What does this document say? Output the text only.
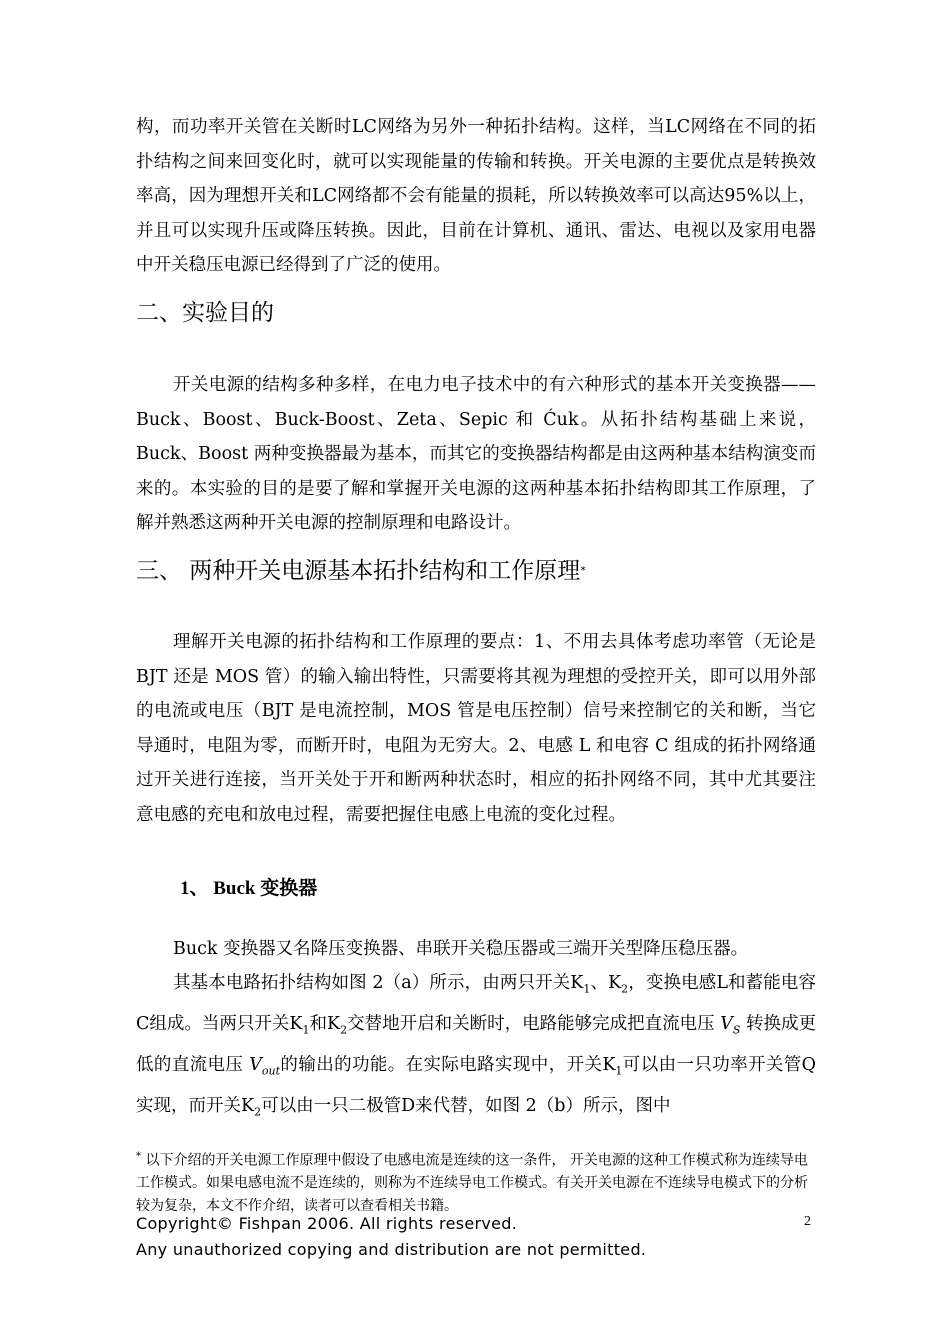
构，而功率开关管在关断时LC网络为另外一种拓扑结构。这样，当LC网络在不同的拓扑结构之间来回变化时，就可以实现能量的传输和转换。开关电源的主要优点是转换效率高，因为理想开关和LC网络都不会有能量的损耗，所以转换效率可以高达95%以上，并且可以实现升压或降压转换。因此，目前在计算机、通讯、雷达、电视以及家用电器中开关稳压电源已经得到了广泛的使用。
二、实验目的
开关电源的结构多种多样，在电力电子技术中的有六种形式的基本开关变换器——Buck、Boost、Buck-Boost、Zeta、Sepic 和 Ćuk。从拓扑结构基础上来说，Buck、Boost 两种变换器最为基本，而其它的变换器结构都是由这两种基本结构演变而来的。本实验的目的是要了解和掌握开关电源的这两种基本拓扑结构即其工作原理，了解并熟悉这两种开关电源的控制原理和电路设计。
三、 两种开关电源基本拓扑结构和工作原理*
理解开关电源的拓扑结构和工作原理的要点：1、不用去具体考虑功率管（无论是 BJT 还是 MOS 管）的输入输出特性，只需要将其视为理想的受控开关，即可以用外部的电流或电压（BJT 是电流控制，MOS 管是电压控制）信号来控制它的关和断，当它导通时，电阻为零，而断开时，电阻为无穷大。2、电感 L 和电容 C 组成的拓扑网络通过开关进行连接，当开关处于开和断两种状态时，相应的拓扑网络不同，其中尤其要注意电感的充电和放电过程，需要把握住电感上电流的变化过程。
1、 Buck 变换器
Buck 变换器又名降压变换器、串联开关稳压器或三端开关型降压稳压器。
其基本电路拓扑结构如图 2（a）所示，由两只开关$K_1$、$K_2$，变换电感L和蓄能电容C组成。当两只开关$K_1$和$K_2$交替地开启和关断时，电路能够完成把直流电压 $V_S$ 转换成更低的直流电压 $V_{out}$的输出的功能。在实际电路实现中，开关$K_1$可以由一只功率开关管Q实现，而开关$K_2$可以由一只二极管D来代替，如图 2（b）所示，图中
* 以下介绍的开关电源工作原理中假设了电感电流是连续的这一条件， 开关电源的这种工作模式称为连续导电工作模式。如果电感电流不是连续的，则称为不连续导电工作模式。有关开关电源在不连续导电模式下的分析较为复杂，本文不作介绍，读者可以查看相关书籍。
Copyright© Fishpan 2006. All rights reserved.
Any unauthorized copying and distribution are not permitted.
2
